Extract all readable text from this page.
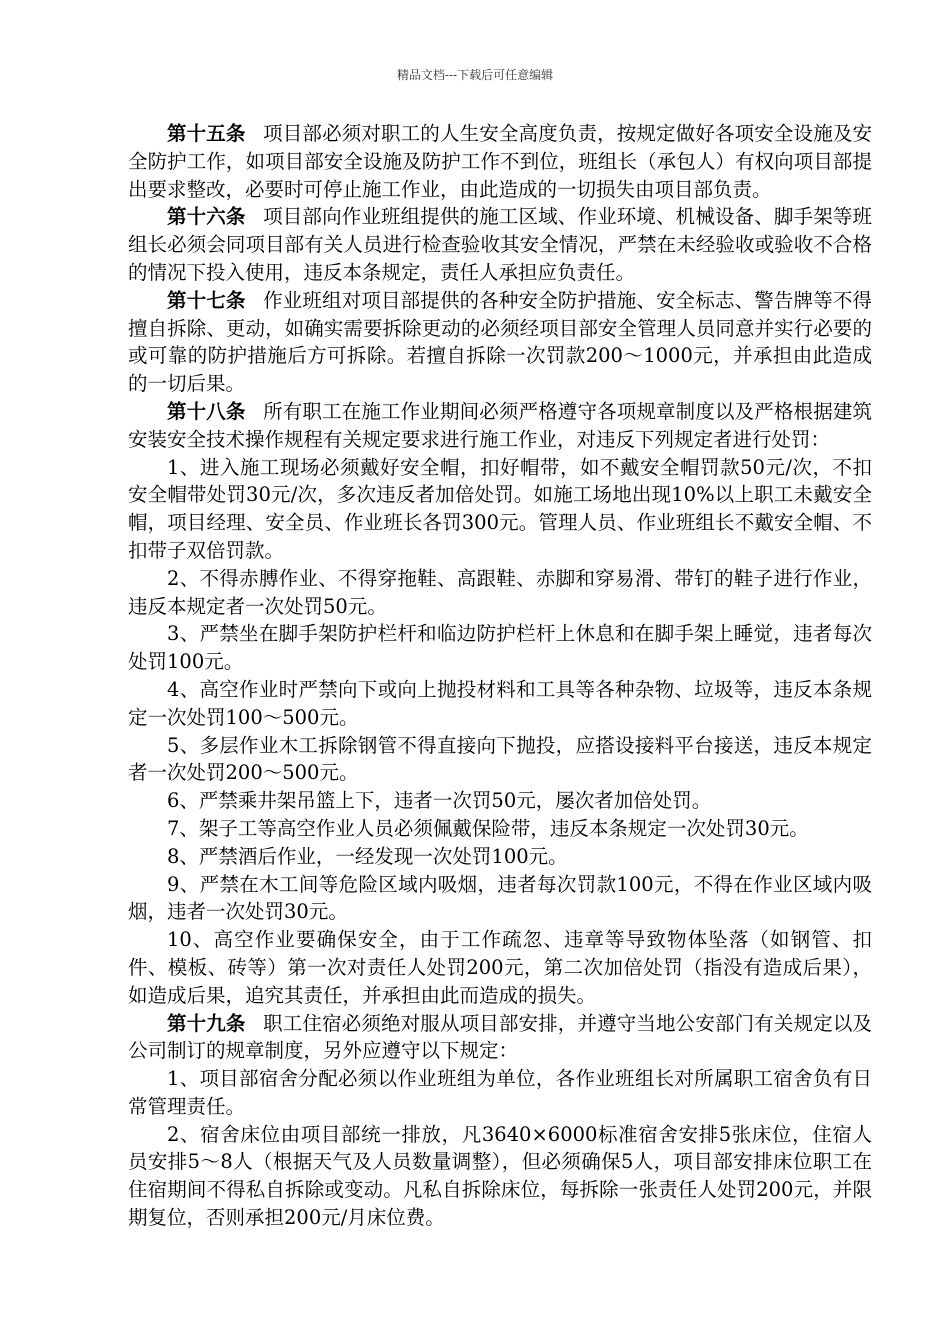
精品文档---下载后可任意编辑

第十五条 项目部必须对职工的人生安全高度负责，按规定做好各项安全设施及安全防护工作，如项目部安全设施及防护工作不到位，班组长（承包人）有权向项目部提出要求整改，必要时可停止施工作业，由此造成的一切损失由项目部负责。

第十六条 项目部向作业班组提供的施工区域、作业环境、机械设备、脚手架等班组长必须会同项目部有关人员进行检查验收其安全情况，严禁在未经验收或验收不合格的情况下投入使用，违反本条规定，责任人承担应负责任。

第十七条 作业班组对项目部提供的各种安全防护措施、安全标志、警告牌等不得擅自拆除、更动，如确实需要拆除更动的必须经项目部安全管理人员同意并实行必要的或可靠的防护措施后方可拆除。若擅自拆除一次罚款200～1000元，并承担由此造成的一切后果。

第十八条 所有职工在施工作业期间必须严格遵守各项规章制度以及严格根据建筑安装安全技术操作规程有关规定要求进行施工作业，对违反下列规定者进行处罚：

1、进入施工现场必须戴好安全帽，扣好帽带，如不戴安全帽罚款50元/次，不扣安全帽带处罚30元/次，多次违反者加倍处罚。如施工场地出现10%以上职工未戴安全帽，项目经理、安全员、作业班长各罚300元。管理人员、作业班组长不戴安全帽、不扣带子双倍罚款。

2、不得赤膊作业、不得穿拖鞋、高跟鞋、赤脚和穿易滑、带钉的鞋子进行作业，违反本规定者一次处罚50元。

3、严禁坐在脚手架防护栏杆和临边防护栏杆上休息和在脚手架上睡觉，违者每次处罚100元。

4、高空作业时严禁向下或向上抛投材料和工具等各种杂物、垃圾等，违反本条规定一次处罚100～500元。

5、多层作业木工拆除钢管不得直接向下抛投，应搭设接料平台接送，违反本规定者一次处罚200～500元。

6、严禁乘井架吊篮上下，违者一次罚50元，屡次者加倍处罚。

7、架子工等高空作业人员必须佩戴保险带，违反本条规定一次处罚30元。

8、严禁酒后作业，一经发现一次处罚100元。

9、严禁在木工间等危险区域内吸烟，违者每次罚款100元，不得在作业区域内吸烟，违者一次处罚30元。

10、高空作业要确保安全，由于工作疏忽、违章等导致物体坠落（如钢管、扣件、模板、砖等）第一次对责任人处罚200元，第二次加倍处罚（指没有造成后果），如造成后果，追究其责任，并承担由此而造成的损失。

第十九条 职工住宿必须绝对服从项目部安排，并遵守当地公安部门有关规定以及公司制订的规章制度，另外应遵守以下规定：

1、项目部宿舍分配必须以作业班组为单位，各作业班组长对所属职工宿舍负有日常管理责任。

2、宿舍床位由项目部统一排放，凡3640×6000标准宿舍安排5张床位，住宿人员安排5～8人（根据天气及人员数量调整），但必须确保5人，项目部安排床位职工在住宿期间不得私自拆除或变动。凡私自拆除床位，每拆除一张责任人处罚200元，并限期复位，否则承担200元/月床位费。
